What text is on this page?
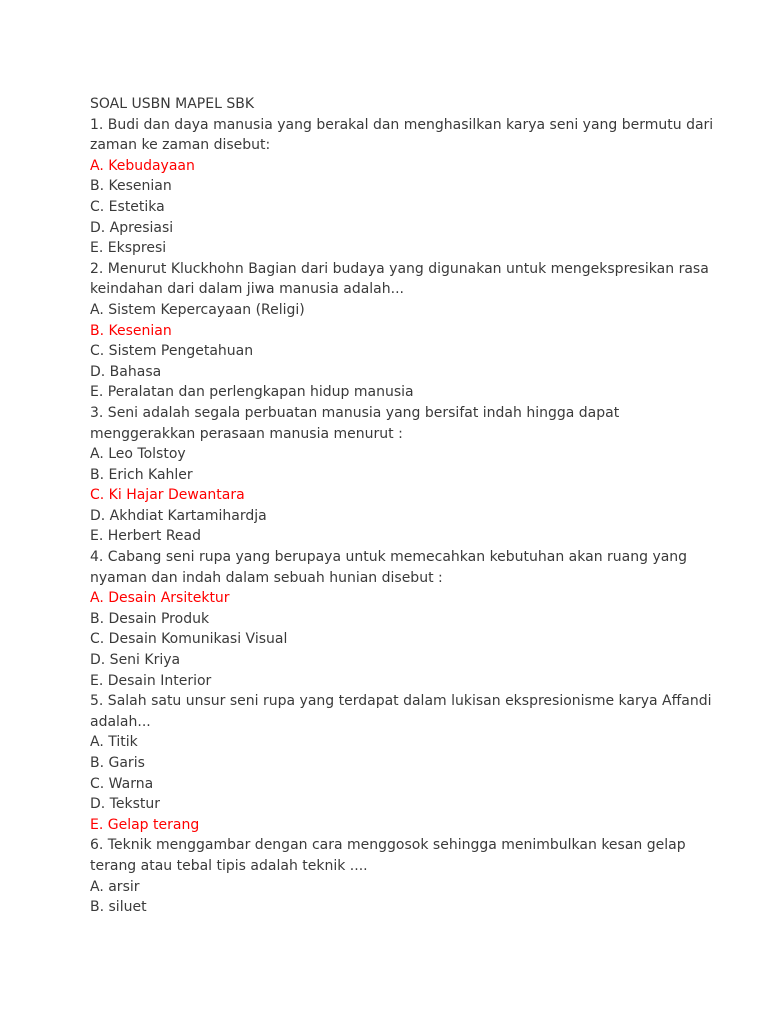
SOAL USBN MAPEL SBK
1. Budi dan daya manusia yang berakal dan menghasilkan karya seni yang bermutu dari
zaman ke zaman disebut:
A. Kebudayaan
B. Kesenian
C. Estetika
D. Apresiasi
E. Ekspresi
2. Menurut Kluckhohn Bagian dari budaya yang digunakan untuk mengekspresikan rasa
keindahan dari dalam jiwa manusia adalah...
A. Sistem Kepercayaan (Religi)
B. Kesenian
C. Sistem Pengetahuan
D. Bahasa
E. Peralatan dan perlengkapan hidup manusia
3. Seni adalah segala perbuatan manusia yang bersifat indah hingga dapat
menggerakkan perasaan manusia menurut :
A. Leo Tolstoy
B. Erich Kahler
C. Ki Hajar Dewantara
D. Akhdiat Kartamihardja
E. Herbert Read
4. Cabang seni rupa yang berupaya untuk memecahkan kebutuhan akan ruang yang
nyaman dan indah dalam sebuah hunian disebut :
A. Desain Arsitektur
B. Desain Produk
C. Desain Komunikasi Visual
D. Seni Kriya
E. Desain Interior
5. Salah satu unsur seni rupa yang terdapat dalam lukisan ekspresionisme karya Affandi
adalah...
A. Titik
B. Garis
C. Warna
D. Tekstur
E. Gelap terang
6. Teknik menggambar dengan cara menggosok sehingga menimbulkan kesan gelap
terang atau tebal tipis adalah teknik ....
A. arsir
B. siluet
